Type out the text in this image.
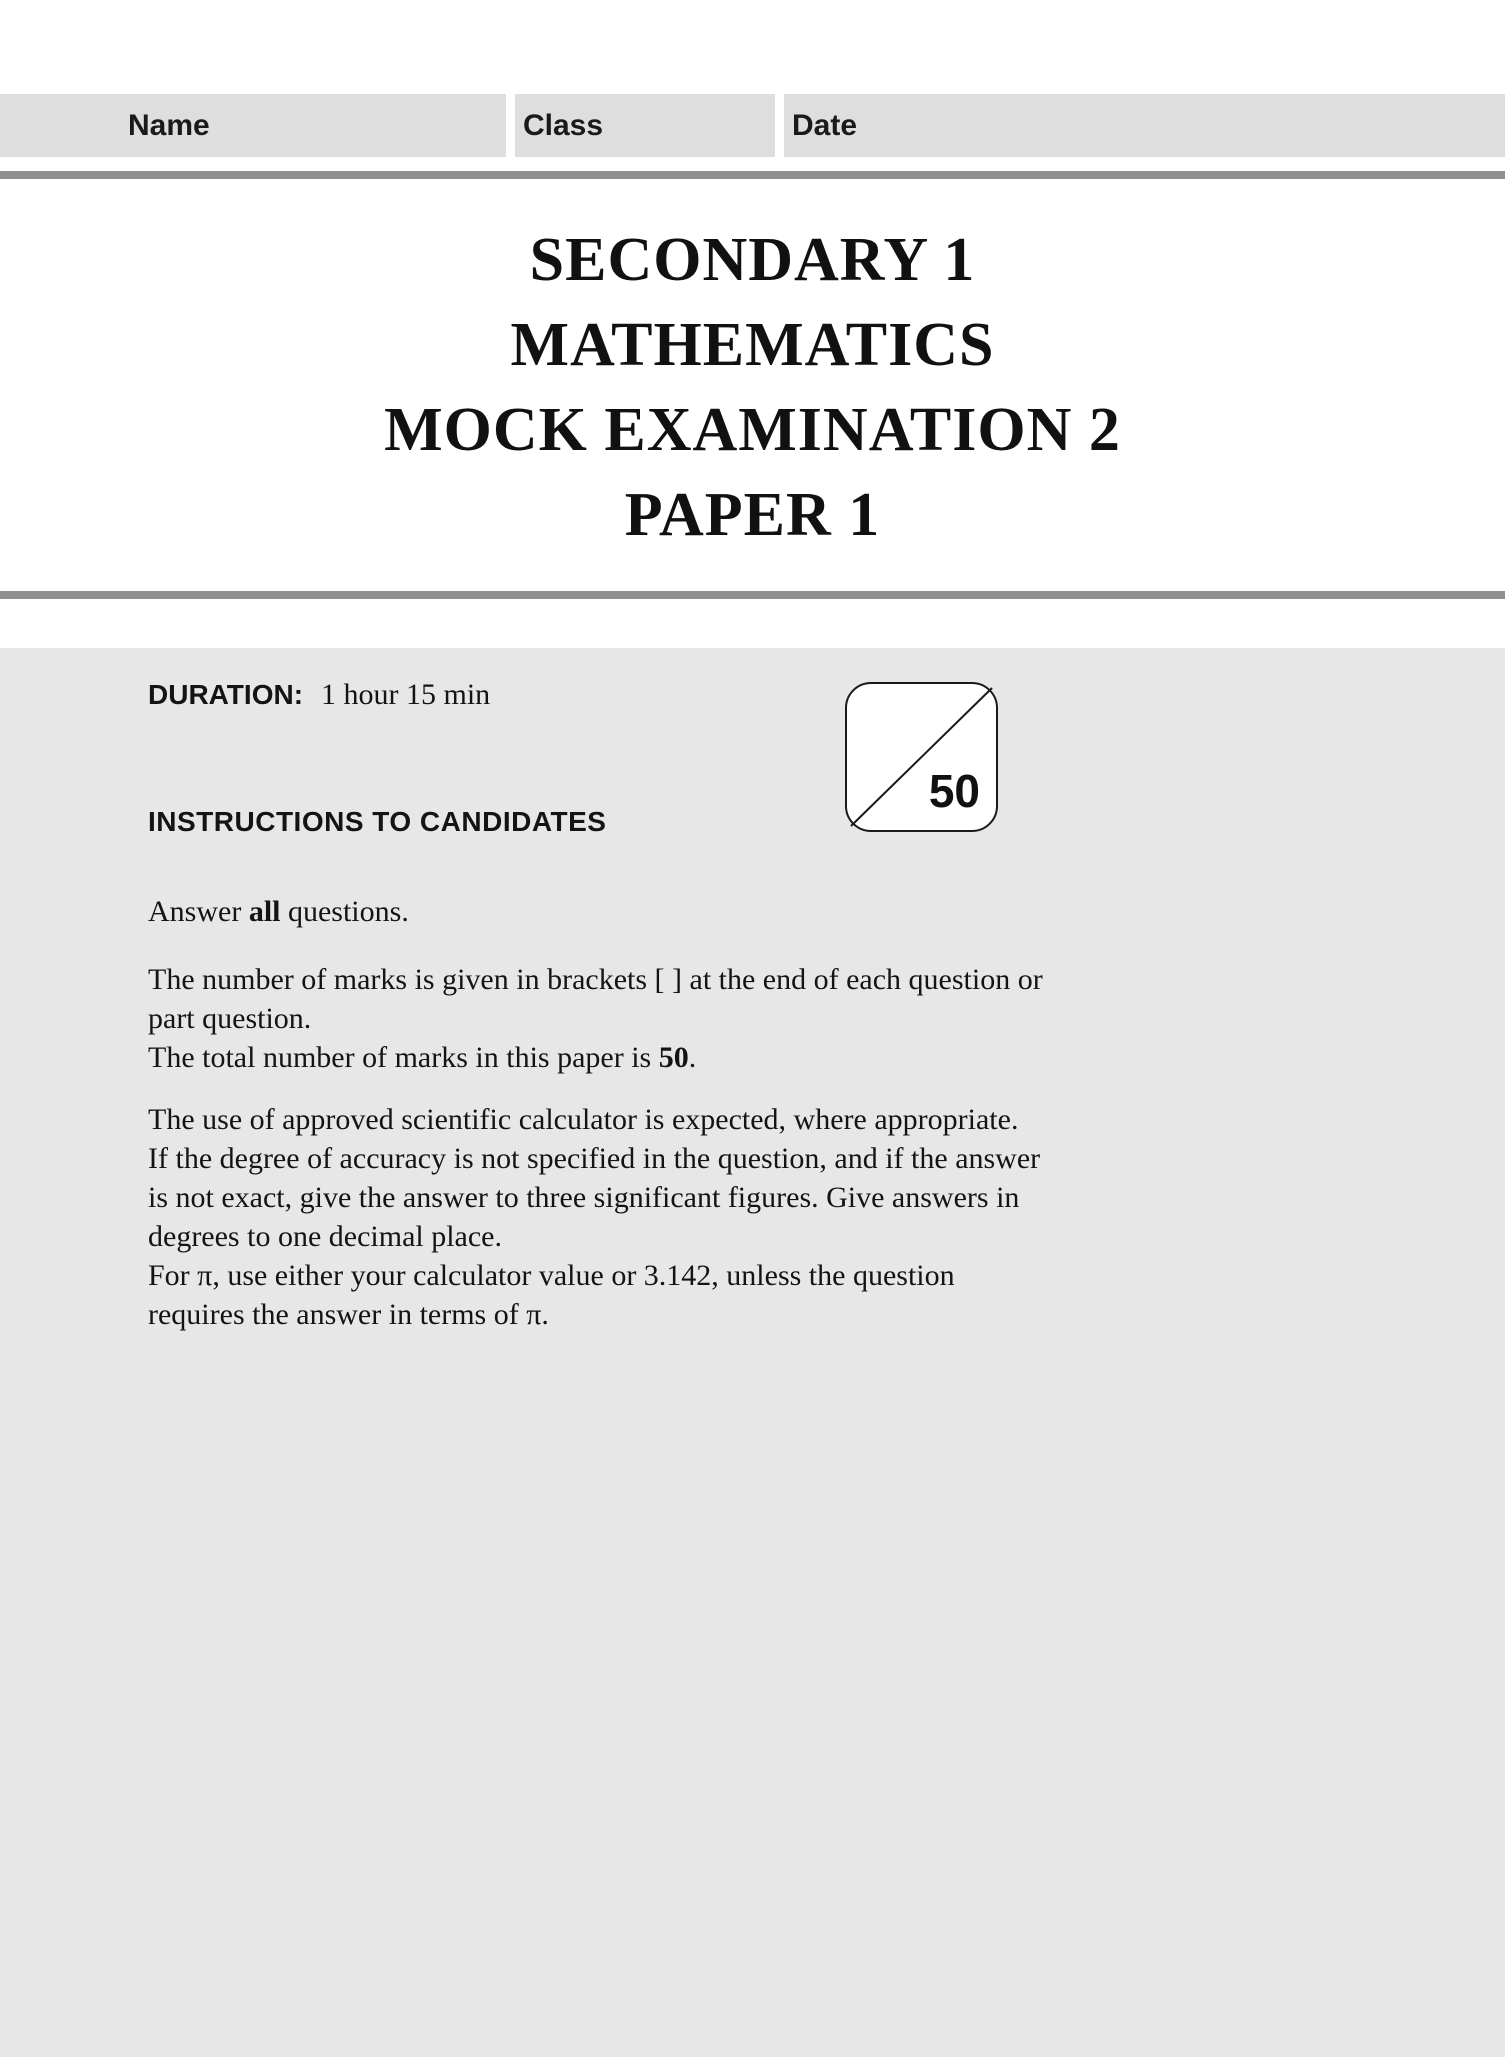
Name	Class	Date
SECONDARY 1
MATHEMATICS
MOCK EXAMINATION 2
PAPER 1
DURATION: 1 hour 15 min
50
INSTRUCTIONS TO CANDIDATES
Answer all questions.
The number of marks is given in brackets [ ] at the end of each question or
part question.
The total number of marks in this paper is 50.
The use of approved scientific calculator is expected, where appropriate.
If the degree of accuracy is not specified in the question, and if the answer
is not exact, give the answer to three significant figures. Give answers in
degrees to one decimal place.
For π, use either your calculator value or 3.142, unless the question
requires the answer in terms of π.
